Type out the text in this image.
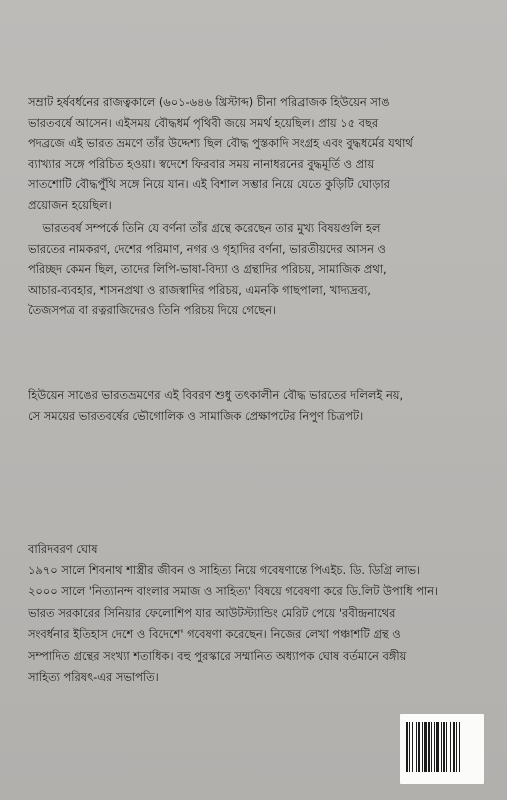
সম্রাট হর্ষবর্ধনের রাজত্বকালে (৬০১-৬৪৬ খ্রিস্টাব্দ) চীনা পরিব্রাজক হিউয়েন সাঙ
ভারতবর্ষে আসেন। এইসময় বৌদ্ধধর্ম পৃথিবী জয়ে সমর্থ হয়েছিল। প্রায় ১৫ বছর
পদব্রজে এই ভারত ভ্রমণে তাঁর উদ্দেশ্য ছিল বৌদ্ধ পুস্তকাদি সংগ্রহ এবং বুদ্ধধর্মের যথার্থ
ব্যাখ্যার সঙ্গে পরিচিত হওয়া। স্বদেশে ফিরবার সময় নানাধরনের বুদ্ধমূর্তি ও প্রায়
সাতশোটি বৌদ্ধপুঁথি সঙ্গে নিয়ে যান। এই বিশাল সম্ভার নিয়ে যেতে কুড়িটি ঘোড়ার
প্রয়োজন হয়েছিল।
ভারতবর্ষ সম্পর্কে তিনি যে বর্ণনা তাঁর গ্রন্থে করেছেন তার মুখ্য বিষয়গুলি হল
ভারতের নামকরণ, দেশের পরিমাণ, নগর ও গৃহাদির বর্ণনা, ভারতীয়দের আসন ও
পরিচ্ছদ কেমন ছিল, তাদের লিপি-ভাষা-বিদ্যা ও গ্রন্থাদির পরিচয়, সামাজিক প্রথা,
আচার-ব্যবহার, শাসনপ্রথা ও রাজস্বাদির পরিচয়, এমনকি গাছপালা, খাদ্যদ্রব্য,
তৈজসপত্র বা রত্নরাজিদেরও তিনি পরিচয় দিয়ে গেছেন।
হিউয়েন সাঙের ভারতভ্রমণের এই বিবরণ শুধু তৎকালীন বৌদ্ধ ভারতের দলিলই নয়,
সে সময়ের ভারতবর্ষের ভৌগোলিক ও সামাজিক প্রেক্ষাপটের নিপুণ চিত্রপট।
বারিদবরণ ঘোষ
১৯৭০ সালে শিবনাথ শাস্ত্রীর জীবন ও সাহিত্য নিয়ে গবেষণান্তে পিএইচ. ডি. ডিগ্রি লাভ।
২০০০ সালে 'নিত্যানন্দ বাংলার সমাজ ও সাহিত্য' বিষয়ে গবেষণা করে ডি.লিট উপাধি পান।
ভারত সরকারের সিনিয়ার ফেলোশিপ যার আউটস্ট্যান্ডিং মেরিট পেয়ে 'রবীন্দ্রনাথের
সংবর্ধনার ইতিহাস দেশে ও বিদেশে' গবেষণা করেছেন। নিজের লেখা পঞ্চাশটি গ্রন্থ ও
সম্পাদিত গ্রন্থের সংখ্যা শতাধিক। বহু পুরস্কারে সম্মানিত অধ্যাপক ঘোষ বর্তমানে বঙ্গীয়
সাহিত্য পরিষৎ-এর সভাপতি।
